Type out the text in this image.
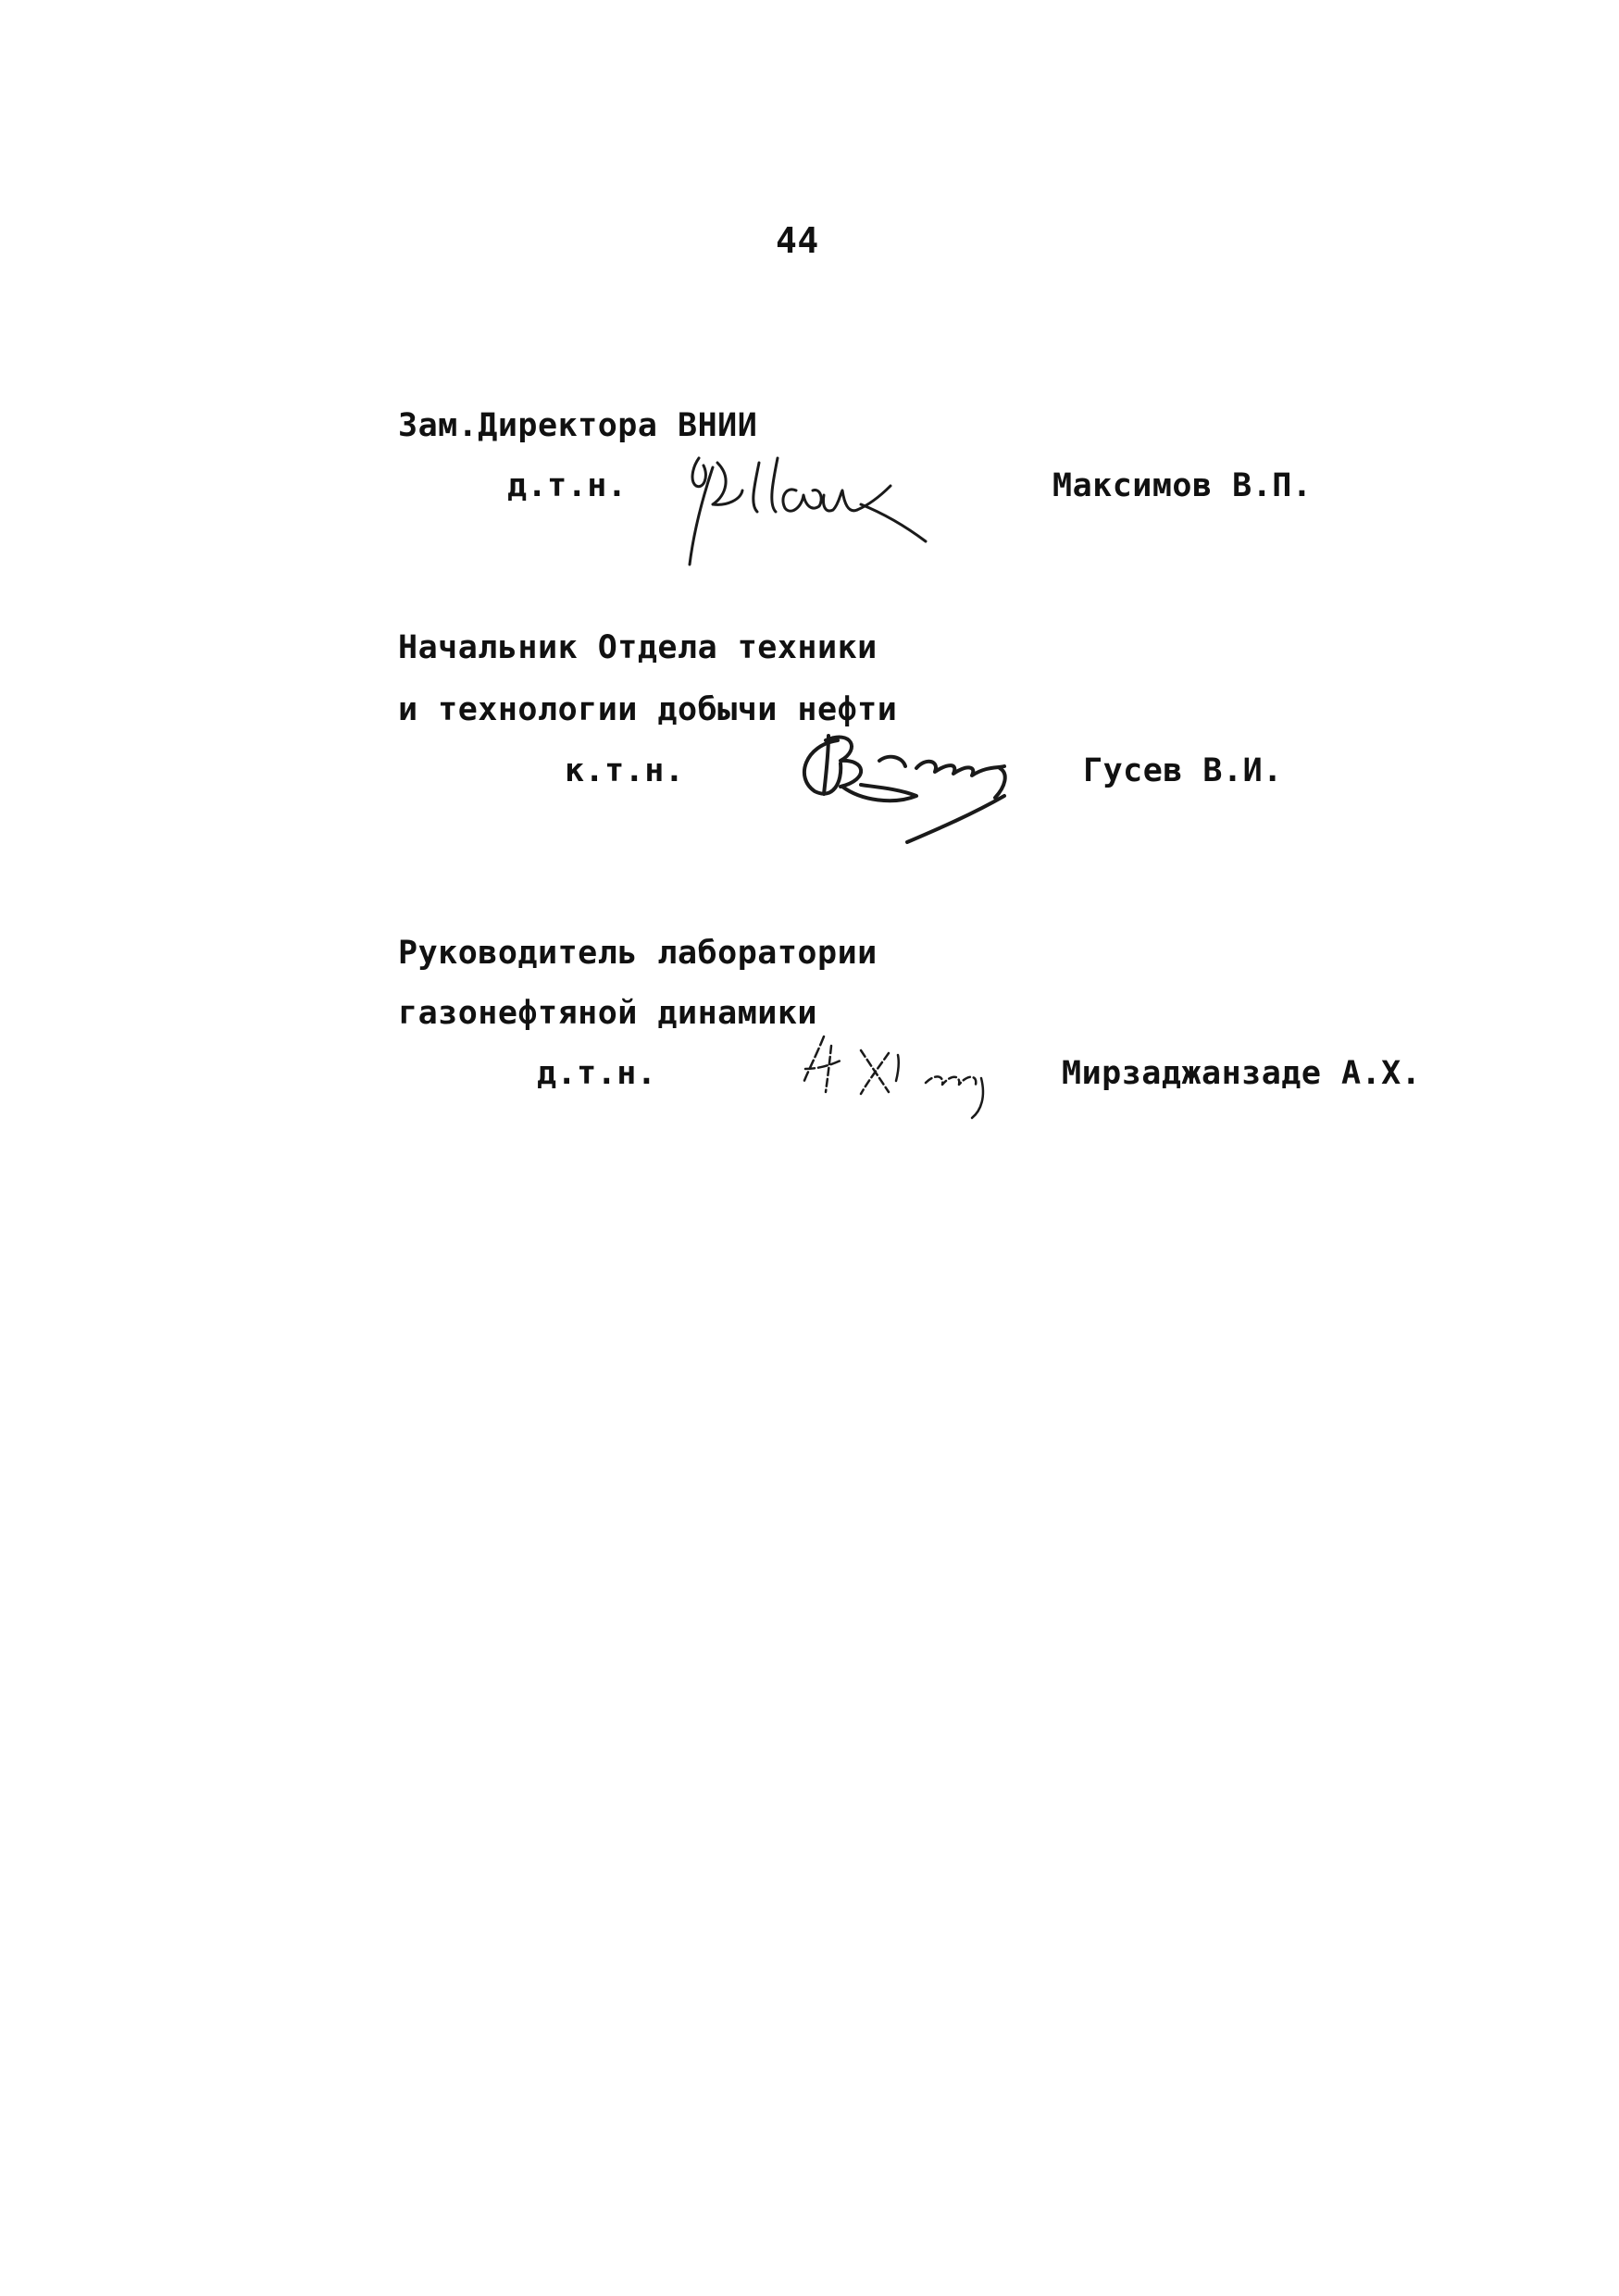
44
Зам.Директора ВНИИ
д.т.н.	Максимов В.П.
Начальник Отдела техники
и технологии добычи нефти
к.т.н.	Гусев В.И.
Руководитель лаборатории
газонефтяной динамики
д.т.н.	Мирзаджанзаде А.Х.
